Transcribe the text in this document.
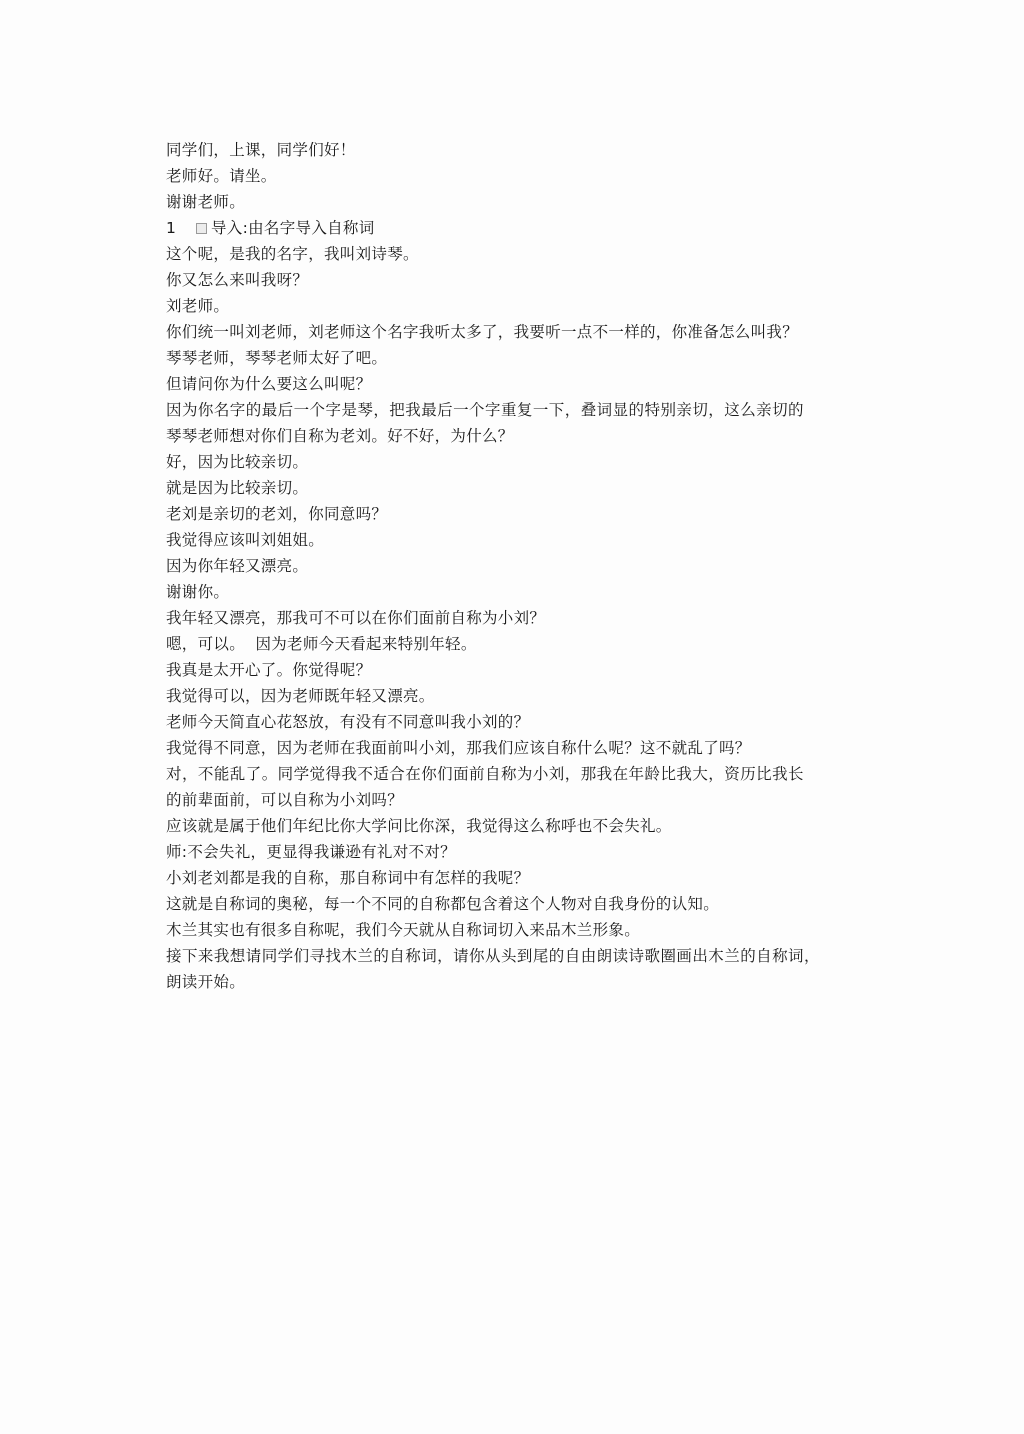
同学们，上课，同学们好！
老师好。请坐。
谢谢老师。
1	导入:由名字导入自称词
这个呢，是我的名字，我叫刘诗琴。
你又怎么来叫我呀？
刘老师。
你们统一叫刘老师，刘老师这个名字我听太多了，我要听一点不一样的，你准备怎么叫我？
琴琴老师，琴琴老师太好了吧。
但请问你为什么要这么叫呢？
因为你名字的最后一个字是琴，把我最后一个字重复一下，叠词显的特别亲切，这么亲切的
琴琴老师想对你们自称为老刘。好不好，为什么？
好，因为比较亲切。
就是因为比较亲切。
老刘是亲切的老刘，你同意吗？
我觉得应该叫刘姐姐。
因为你年轻又漂亮。
谢谢你。
我年轻又漂亮，那我可不可以在你们面前自称为小刘？
嗯，可以。  因为老师今天看起来特别年轻。
我真是太开心了。你觉得呢？
我觉得可以，因为老师既年轻又漂亮。
老师今天简直心花怒放，有没有不同意叫我小刘的？
我觉得不同意，因为老师在我面前叫小刘，那我们应该自称什么呢？这不就乱了吗？
对，不能乱了。同学觉得我不适合在你们面前自称为小刘，那我在年龄比我大，资历比我长
的前辈面前，可以自称为小刘吗？
应该就是属于他们年纪比你大学问比你深，我觉得这么称呼也不会失礼。
师:不会失礼，更显得我谦逊有礼对不对？
小刘老刘都是我的自称，那自称词中有怎样的我呢？
这就是自称词的奥秘，每一个不同的自称都包含着这个人物对自我身份的认知。
木兰其实也有很多自称呢，我们今天就从自称词切入来品木兰形象。
接下来我想请同学们寻找木兰的自称词，请你从头到尾的自由朗读诗歌圈画出木兰的自称词，
朗读开始。
